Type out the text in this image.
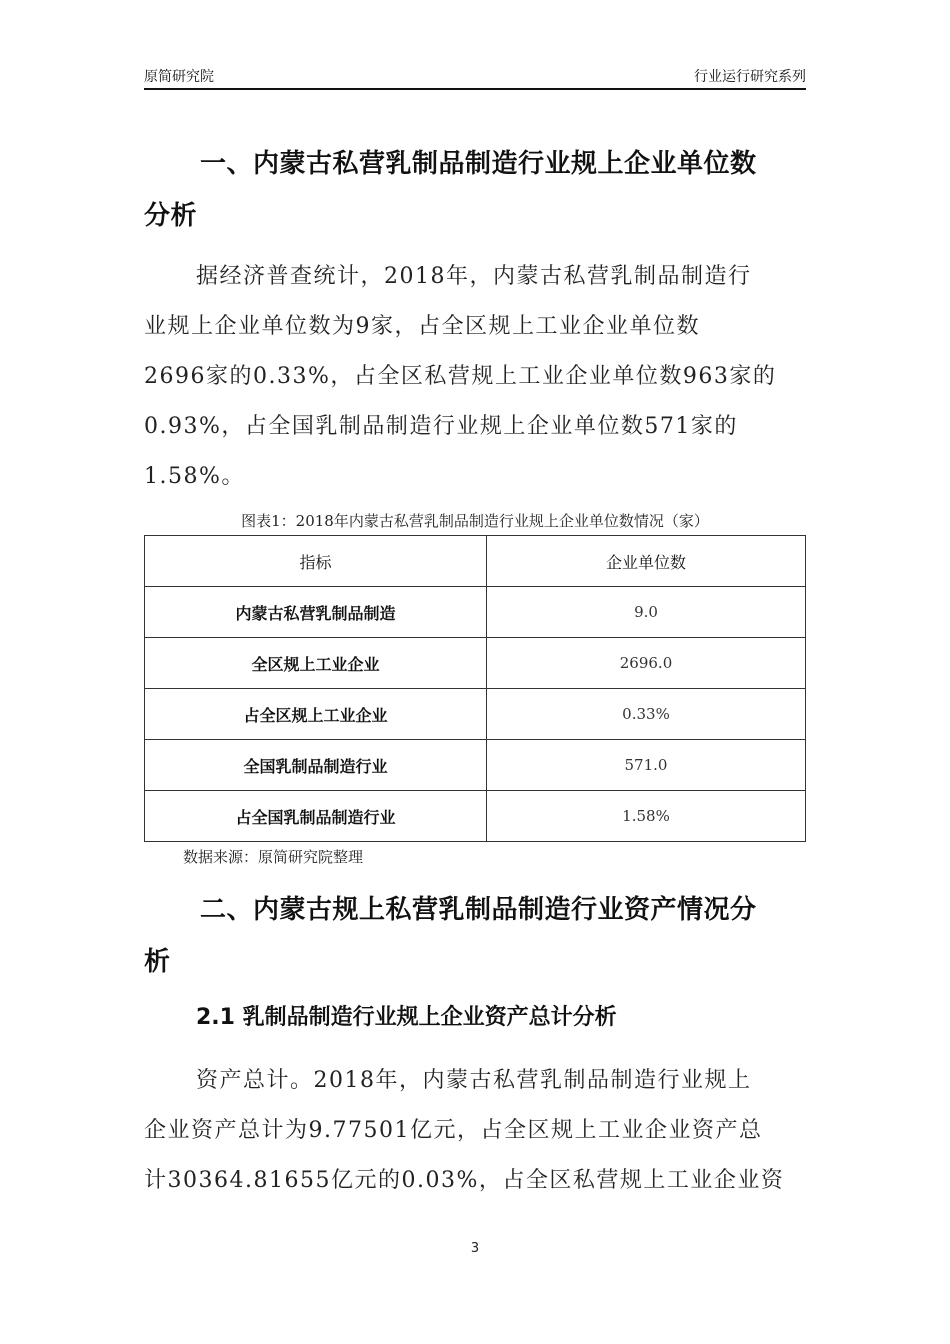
原简研究院	行业运行研究系列
一、内蒙古私营乳制品制造行业规上企业单位数
分析
据经济普查统计，2018年，内蒙古私营乳制品制造行
业规上企业单位数为9家，占全区规上工业企业单位数
2696家的0.33%，占全区私营规上工业企业单位数963家的
0.93%，占全国乳制品制造行业规上企业单位数571家的
1.58%。
图表1：2018年内蒙古私营乳制品制造行业规上企业单位数情况（家）
指标	企业单位数
内蒙古私营乳制品制造	9.0
全区规上工业企业	2696.0
占全区规上工业企业	0.33%
全国乳制品制造行业	571.0
占全国乳制品制造行业	1.58%
数据来源：原简研究院整理
二、内蒙古规上私营乳制品制造行业资产情况分
析
2.1 乳制品制造行业规上企业资产总计分析
资产总计。2018年，内蒙古私营乳制品制造行业规上
企业资产总计为9.77501亿元，占全区规上工业企业资产总
计30364.81655亿元的0.03%，占全区私营规上工业企业资
3
